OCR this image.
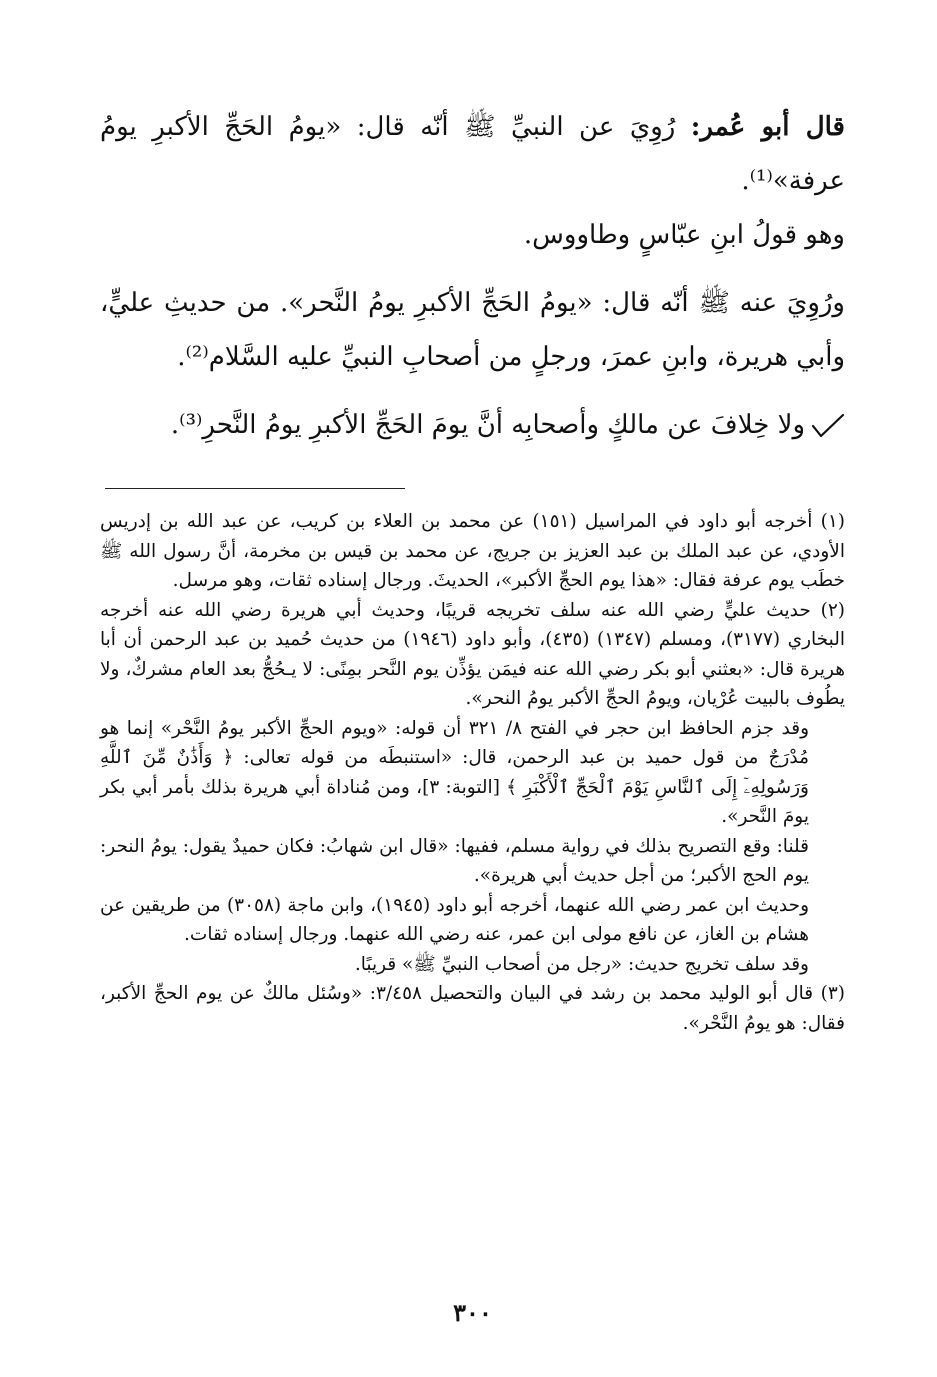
قال أبو عُمر: رُوِيَ عن النبيِّ ﷺ أنّه قال: «يومُ الحَجِّ الأكبرِ يومُ عرفة»⁽¹⁾.

وهو قولُ ابنِ عبّاسٍ وطاووس.

ورُوِيَ عنه ﷺ أنّه قال: «يومُ الحَجِّ الأكبرِ يومُ النَّحر». من حديثِ عليٍّ، وأبي هريرة، وابنِ عمرَ، ورجلٍ من أصحابِ النبيِّ عليه السَّلام⁽²⁾.

ولا خِلافَ عن مالكٍ وأصحابِه أنَّ يومَ الحَجِّ الأكبرِ يومُ النَّحرِ⁽³⁾.

(١) أخرجه أبو داود في المراسيل (١٥١) عن محمد بن العلاء بن كريب، عن عبد الله بن إدريس الأودي، عن عبد الملك بن عبد العزيز بن جريج، عن محمد بن قيس بن مخرمة، أنَّ رسول الله ﷺ خطَب يوم عرفة فقال: «هذا يوم الحجِّ الأكبر»، الحديثَ. ورجال إسناده ثقات، وهو مرسل.

(٢) حديث عليٍّ رضي الله عنه سلف تخريجه قريبًا، وحديث أبي هريرة رضي الله عنه أخرجه البخاري (٣١٧٧)، ومسلم (١٣٤٧) (٤٣٥)، وأبو داود (١٩٤٦) من حديث حُميد بن عبد الرحمن أن أبا هريرة قال: «بعثني أبو بكر رضي الله عنه فيمَن يؤذِّن يوم النَّحر بمِنًى: لا يـحُجُّ بعد العام مشركٌ، ولا يطُوف بالبيت عُرْيان، ويومُ الحجِّ الأكبر يومُ النحر».

وقد جزم الحافظ ابن حجر في الفتح ٨/ ٣٢١ أن قوله: «ويوم الحجِّ الأكبر يومُ النَّحْر» إنما هو مُدْرَجٌ من قول حميد بن عبد الرحمن، قال: «استنبطَه من قوله تعالى: ﴿ وَأَذَٰنٌ مِّنَ ٱللَّهِ وَرَسُولِهِۦٓ إِلَى ٱلنَّاسِ يَوْمَ ٱلْحَجِّ ٱلْأَكْبَرِ ﴾ [التوبة: ٣]، ومن مُناداة أبي هريرة بذلك بأمر أبي بكر يومَ النَّحر».

قلنا: وقع التصريح بذلك في رواية مسلم، ففيها: «قال ابن شهابُ: فكان حميدٌ يقول: يومُ النحر: يوم الحج الأكبر؛ من أجل حديث أبي هريرة».

وحديث ابن عمر رضي الله عنهما، أخرجه أبو داود (١٩٤٥)، وابن ماجة (٣٠٥٨) من طريقين عن هشام بن الغاز، عن نافع مولى ابن عمر، عنه رضي الله عنهما. ورجال إسناده ثقات.

وقد سلف تخريج حديث: «رجل من أصحاب النبيِّ ﷺ» قريبًا.

(٣) قال أبو الوليد محمد بن رشد في البيان والتحصيل ٣/٤٥٨: «وسُئل مالكٌ عن يوم الحجِّ الأكبر، فقال: هو يومُ النَّحْر».

٣٠٠
